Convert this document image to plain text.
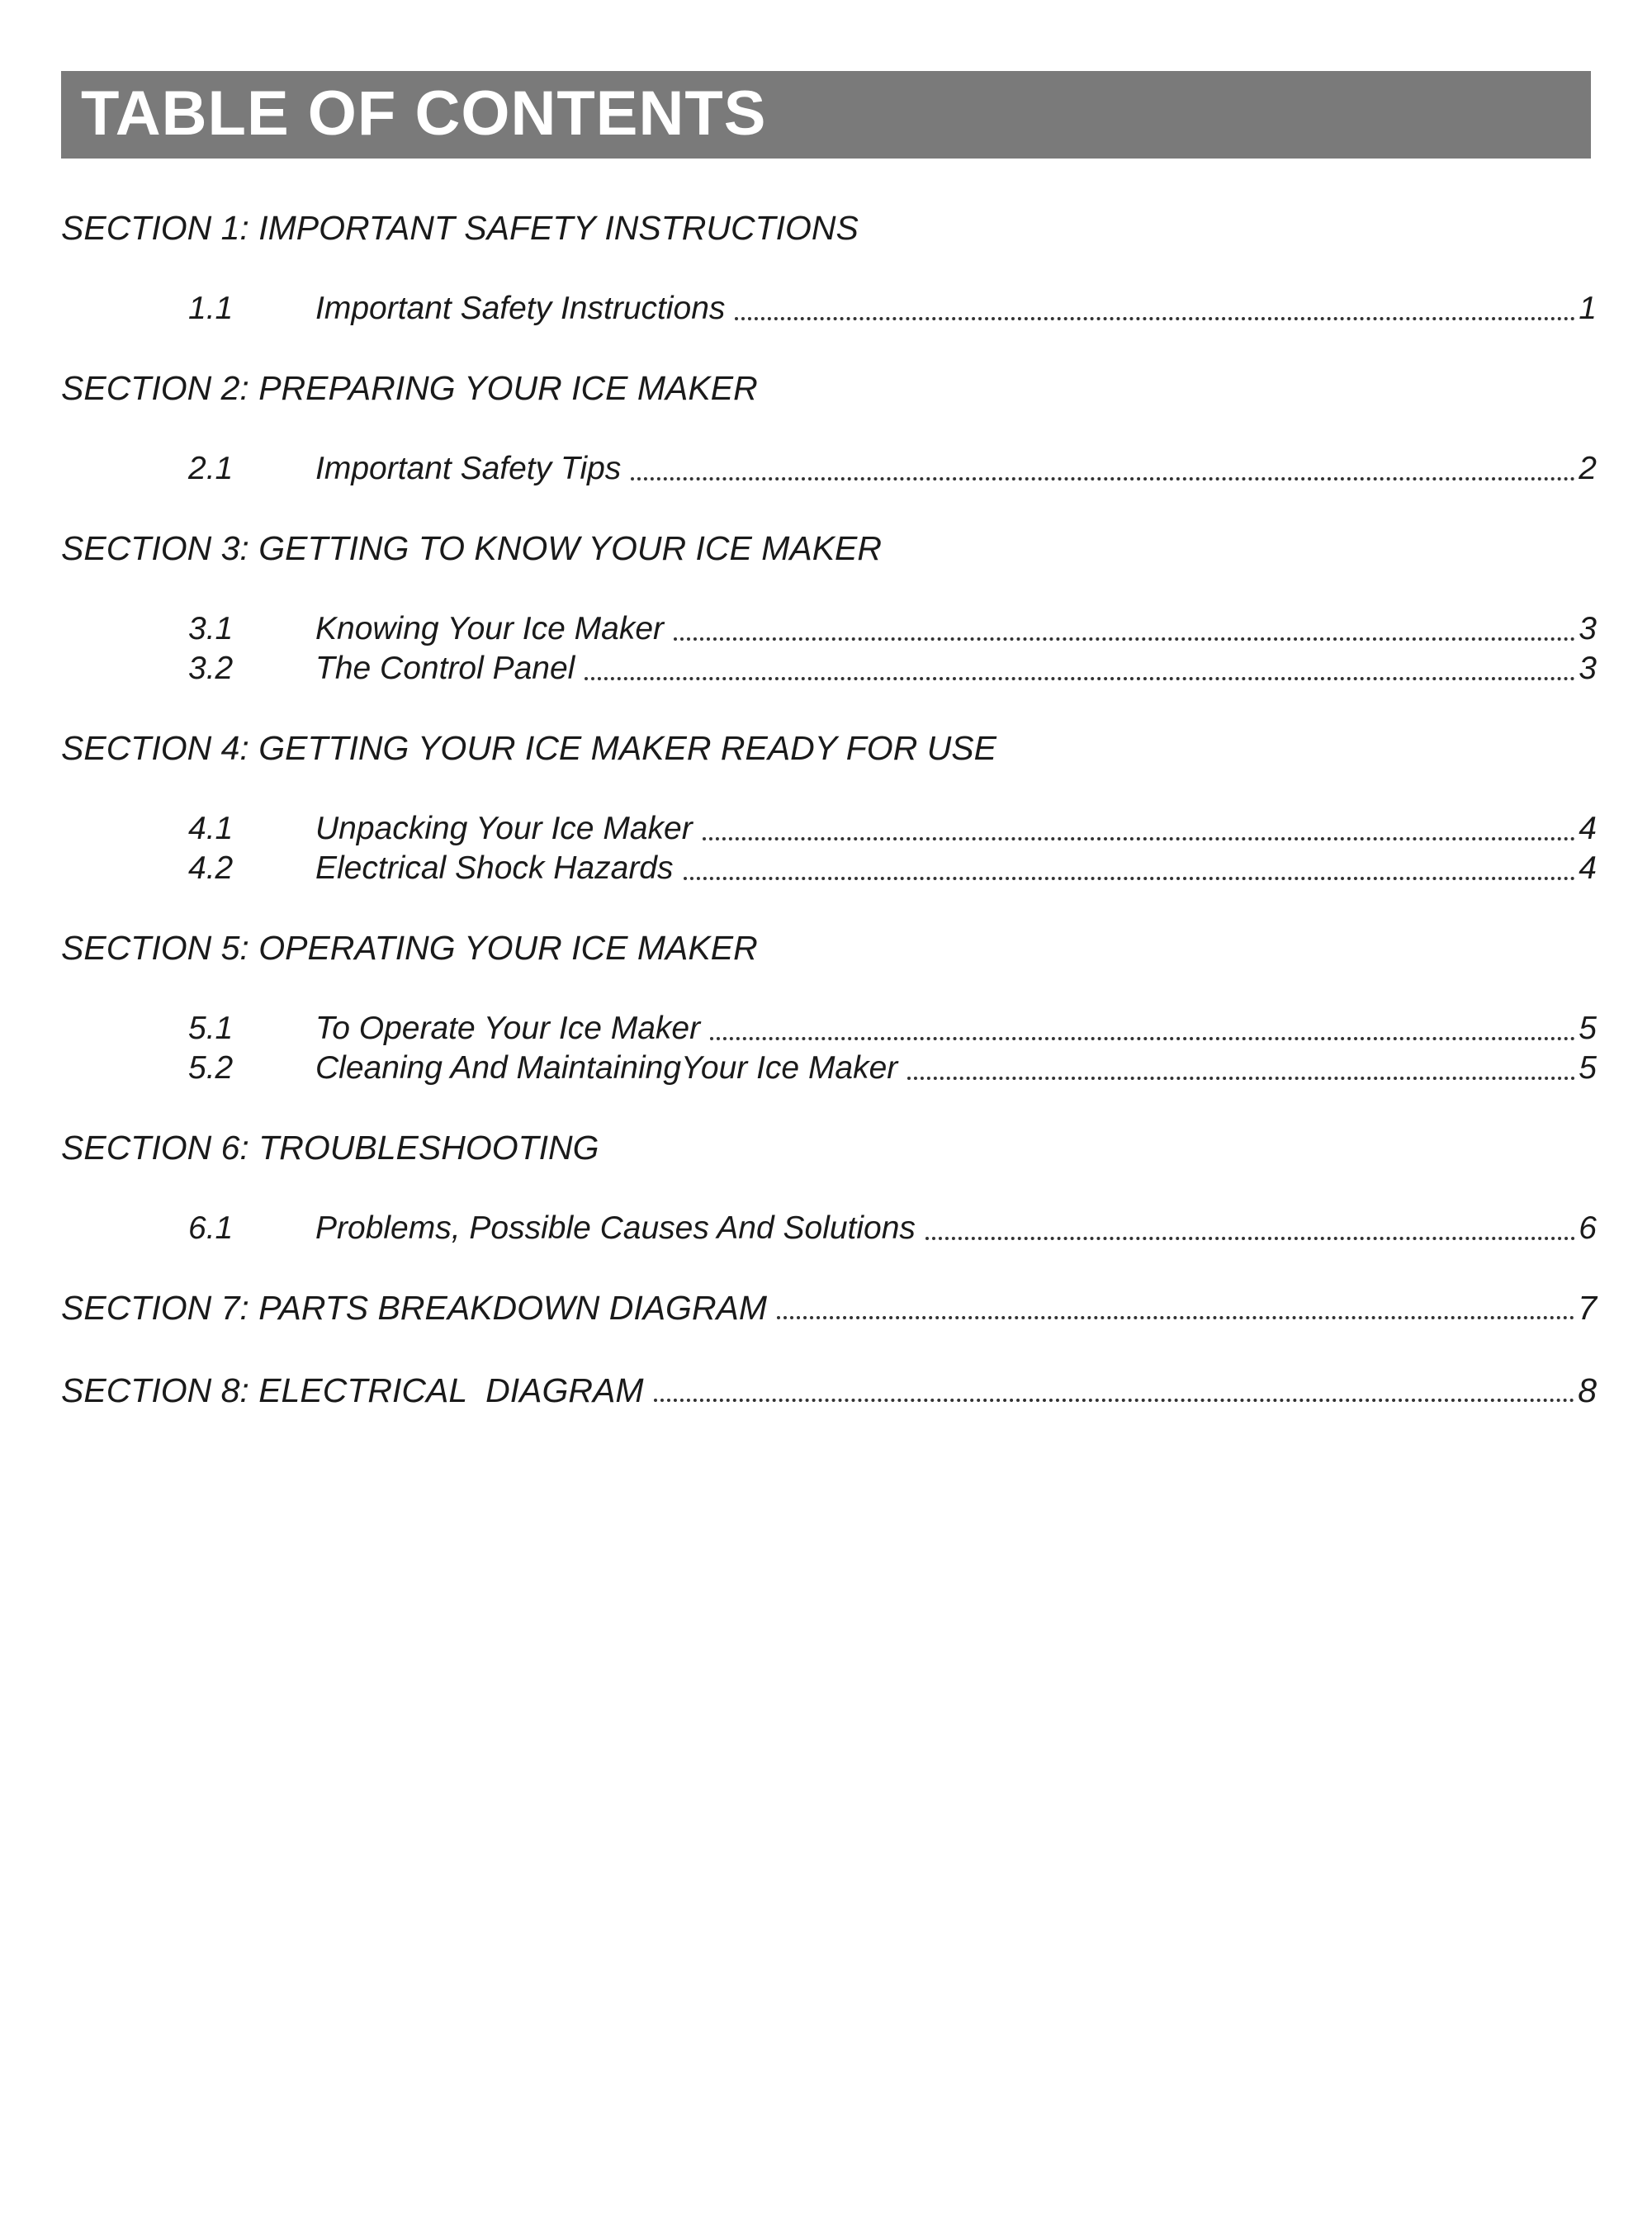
TABLE OF CONTENTS
SECTION 1: IMPORTANT SAFETY INSTRUCTIONS
1.1	Important Safety Instructions	1
SECTION 2: PREPARING YOUR ICE MAKER
2.1	Important Safety Tips	2
SECTION 3: GETTING TO KNOW YOUR ICE MAKER
3.1	Knowing Your Ice Maker	3
3.2	The Control Panel	3
SECTION 4: GETTING YOUR ICE MAKER READY FOR USE
4.1	Unpacking Your Ice Maker	4
4.2	Electrical Shock Hazards	4
SECTION 5: OPERATING YOUR ICE MAKER
5.1	To Operate Your Ice Maker	5
5.2	Cleaning And MaintainingYour Ice Maker	5
SECTION 6: TROUBLESHOOTING
6.1	Problems, Possible Causes And Solutions	6
SECTION 7: PARTS BREAKDOWN DIAGRAM	7
SECTION 8: ELECTRICAL  DIAGRAM	8
